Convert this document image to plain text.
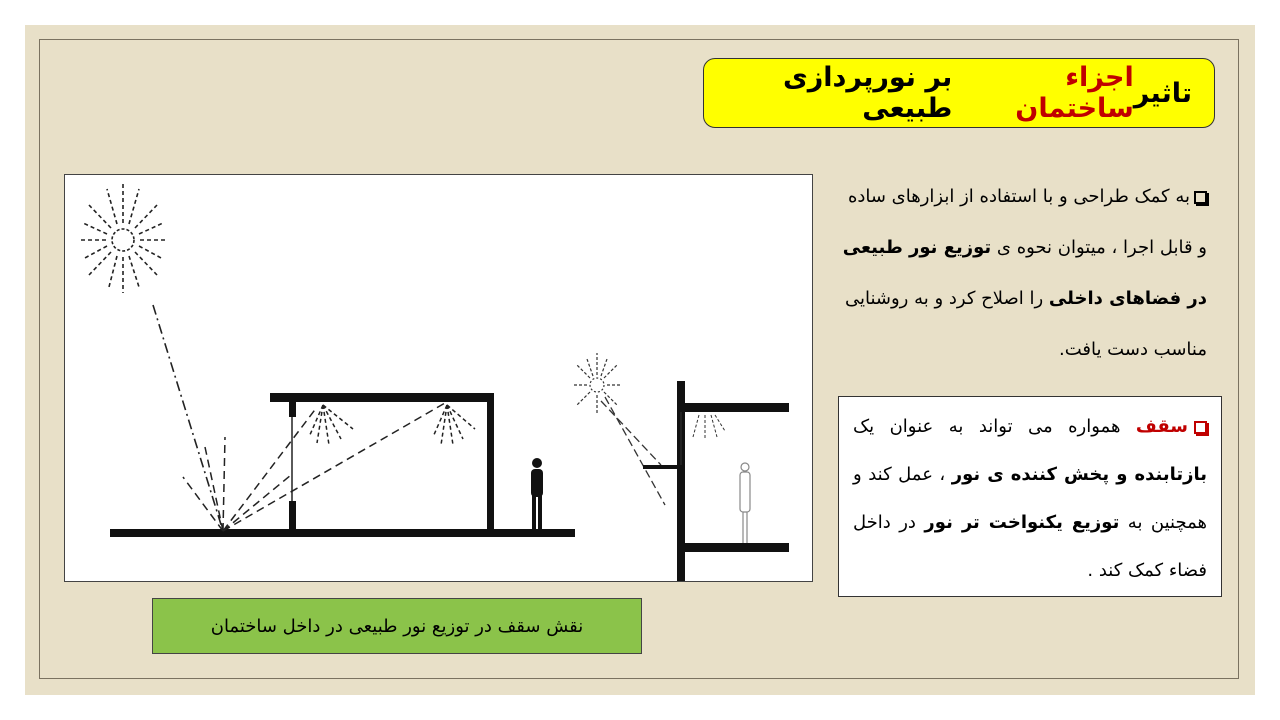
تاثیر
اجزاء ساختمان
بر نورپردازی طبیعی
به کمک طراحی و با استفاده از ابزارهای ساده و قابل اجرا ، میتوان نحوه ی توزیع نور طبیعی در فضاهای داخلی را اصلاح کرد و به روشنایی مناسب دست یافت.
سقف همواره می تواند به عنوان یک بازتابنده و پخش کننده ی نور ، عمل کند و همچنین به توزیع یکنواخت تر نور در داخل فضاء کمک کند .
نقش سقف در توزیع نور طبیعی در داخل ساختمان
